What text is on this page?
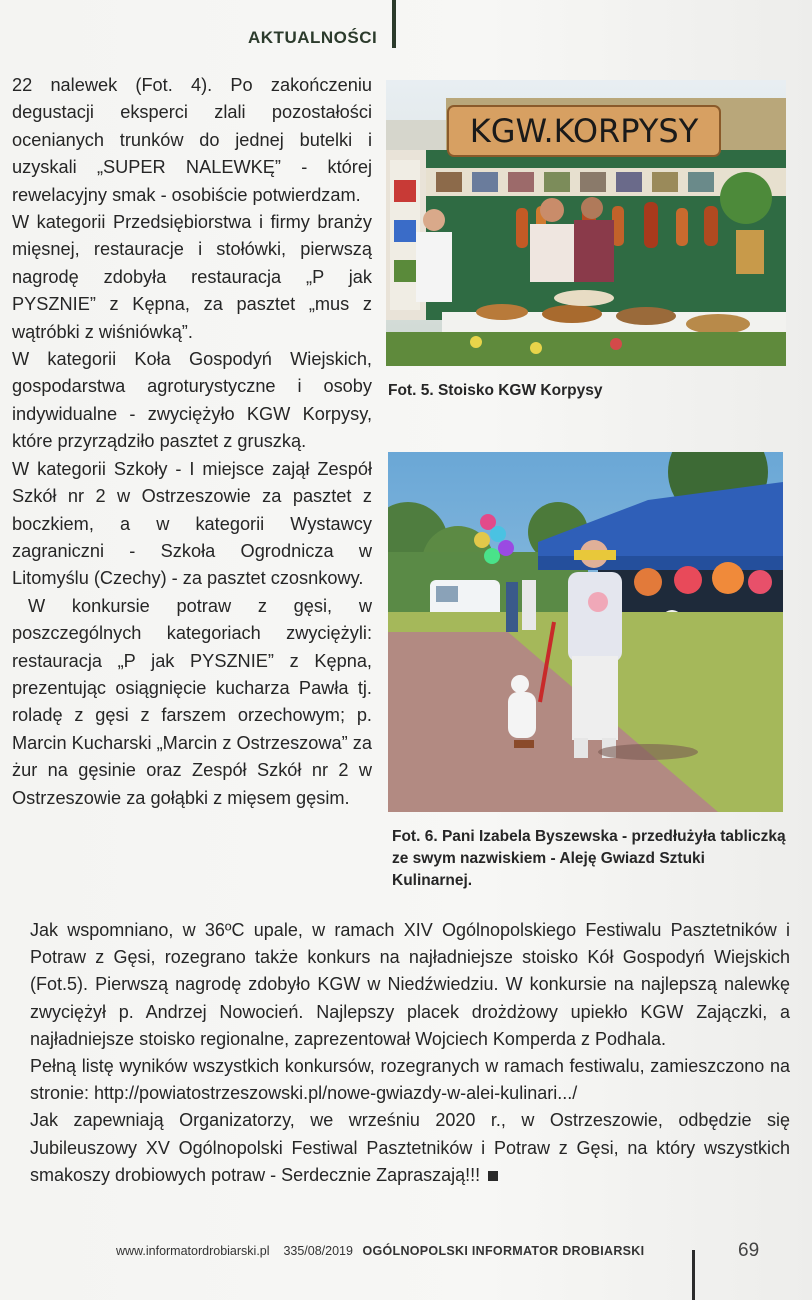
AKTUALNOŚCI

22 nalewek (Fot. 4). Po zakończeniu degustacji eksperci zlali pozostałości ocenianych trunków do jednej butelki i uzyskali „SUPER NALEWKĘ” - której rewelacyjny smak - osobiście potwierdzam.

W kategorii Przedsiębiorstwa i firmy branży mięsnej, restauracje i stołówki, pierwszą nagrodę zdobyła restauracja „P jak PYSZNIE” z Kępna, za pasztet „mus z wątróbki z wiśniówką”.

W kategorii Koła Gospodyń Wiejskich, gospodarstwa agroturystyczne i osoby indywidualne - zwyciężyło KGW Korpysy, które przyrządziło pasztet z gruszką.

W kategorii Szkoły - I miejsce zajął Zespół Szkół nr 2 w Ostrzeszowie za pasztet z boczkiem, a w kategorii Wystawcy zagraniczni - Szkoła Ogrodnicza w Litomyślu (Czechy) - za pasztet czosnkowy.

W konkursie potraw z gęsi, w poszczególnych kategoriach zwyciężyli: restauracja „P jak PYSZNIE” z Kępna, prezentując osiągnięcie kucharza Pawła tj. roladę z gęsi z farszem orzechowym; p. Marcin Kucharski „Marcin z Ostrzeszowa” za żur na gęsinie oraz Zespół Szkół nr 2 w Ostrzeszowie za gołąbki z mięsem gęsim.

KGW.KORPYSY
Fot. 5. Stoisko KGW Korpysy
Fot. 6. Pani Izabela Byszewska - przedłużyła tabliczką ze swym nazwiskiem - Aleję Gwiazd Sztuki Kulinarnej.

Jak wspomniano, w 36ºC upale, w ramach XIV Ogólnopolskiego Festiwalu Pasztetników i Potraw z Gęsi, rozegrano także konkurs na najładniejsze stoisko Kół Gospodyń Wiejskich (Fot.5). Pierwszą nagrodę zdobyło KGW w Niedźwiedziu. W konkursie na najlepszą nalewkę zwyciężył p. Andrzej Nowocień. Najlepszy placek drożdżowy upiekło KGW Zajączki, a najładniejsze stoisko regionalne, zaprezentował Wojciech Komperda z Podhala.

Pełną listę wyników wszystkich konkursów, rozegranych w ramach festiwalu, zamieszczono na stronie: http://powiatostrzeszowski.pl/nowe-gwiazdy-w-alei-kulinari.../

Jak zapewniają Organizatorzy, we wrześniu 2020 r., w Ostrzeszowie, odbędzie się Jubileuszowy XV Ogólnopolski Festiwal Pasztetników i Potraw z Gęsi, na który wszystkich smakoszy drobiowych potraw - Serdecznie Zapraszają!!!

www.informatordrobiarski.pl 335/08/2019 OGÓLNOPOLSKI INFORMATOR DROBIARSKI	69
